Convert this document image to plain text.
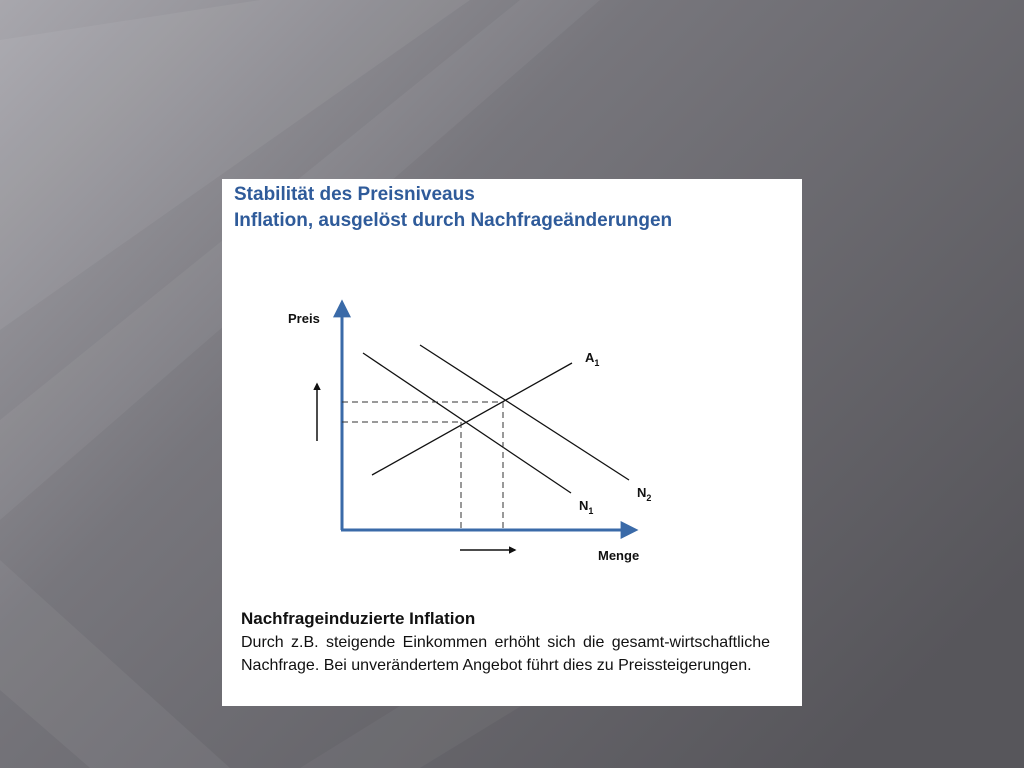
Stabilität des Preisniveaus
Inflation, ausgelöst durch Nachfrageänderungen
Preis
Menge
$A_1$
$N_2$
$N_1$
Nachfrageinduzierte Inflation

Durch z.B. steigende Einkommen erhöht sich die gesamt-wirtschaftliche Nachfrage. Bei unverändertem Angebot führt dies zu Preissteigerungen.
